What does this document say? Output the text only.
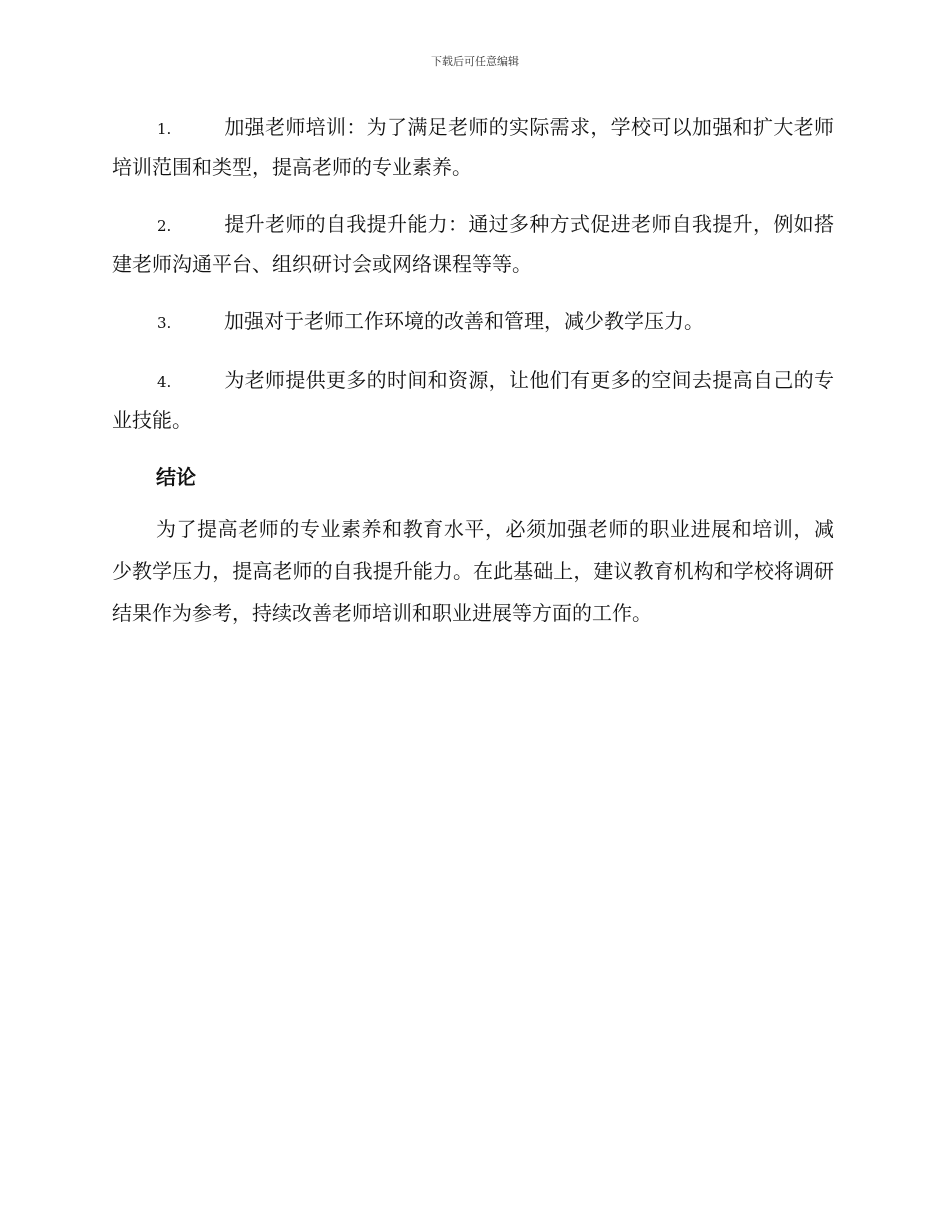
下载后可任意编辑

1.	加强老师培训：为了满足老师的实际需求，学校可以加强和扩大老师培训范围和类型，提高老师的专业素养。

2.	提升老师的自我提升能力：通过多种方式促进老师自我提升，例如搭建老师沟通平台、组织研讨会或网络课程等等。

3.	加强对于老师工作环境的改善和管理，减少教学压力。

4.	为老师提供更多的时间和资源，让他们有更多的空间去提高自己的专业技能。

结论

为了提高老师的专业素养和教育水平，必须加强老师的职业进展和培训，减少教学压力，提高老师的自我提升能力。在此基础上，建议教育机构和学校将调研结果作为参考，持续改善老师培训和职业进展等方面的工作。
